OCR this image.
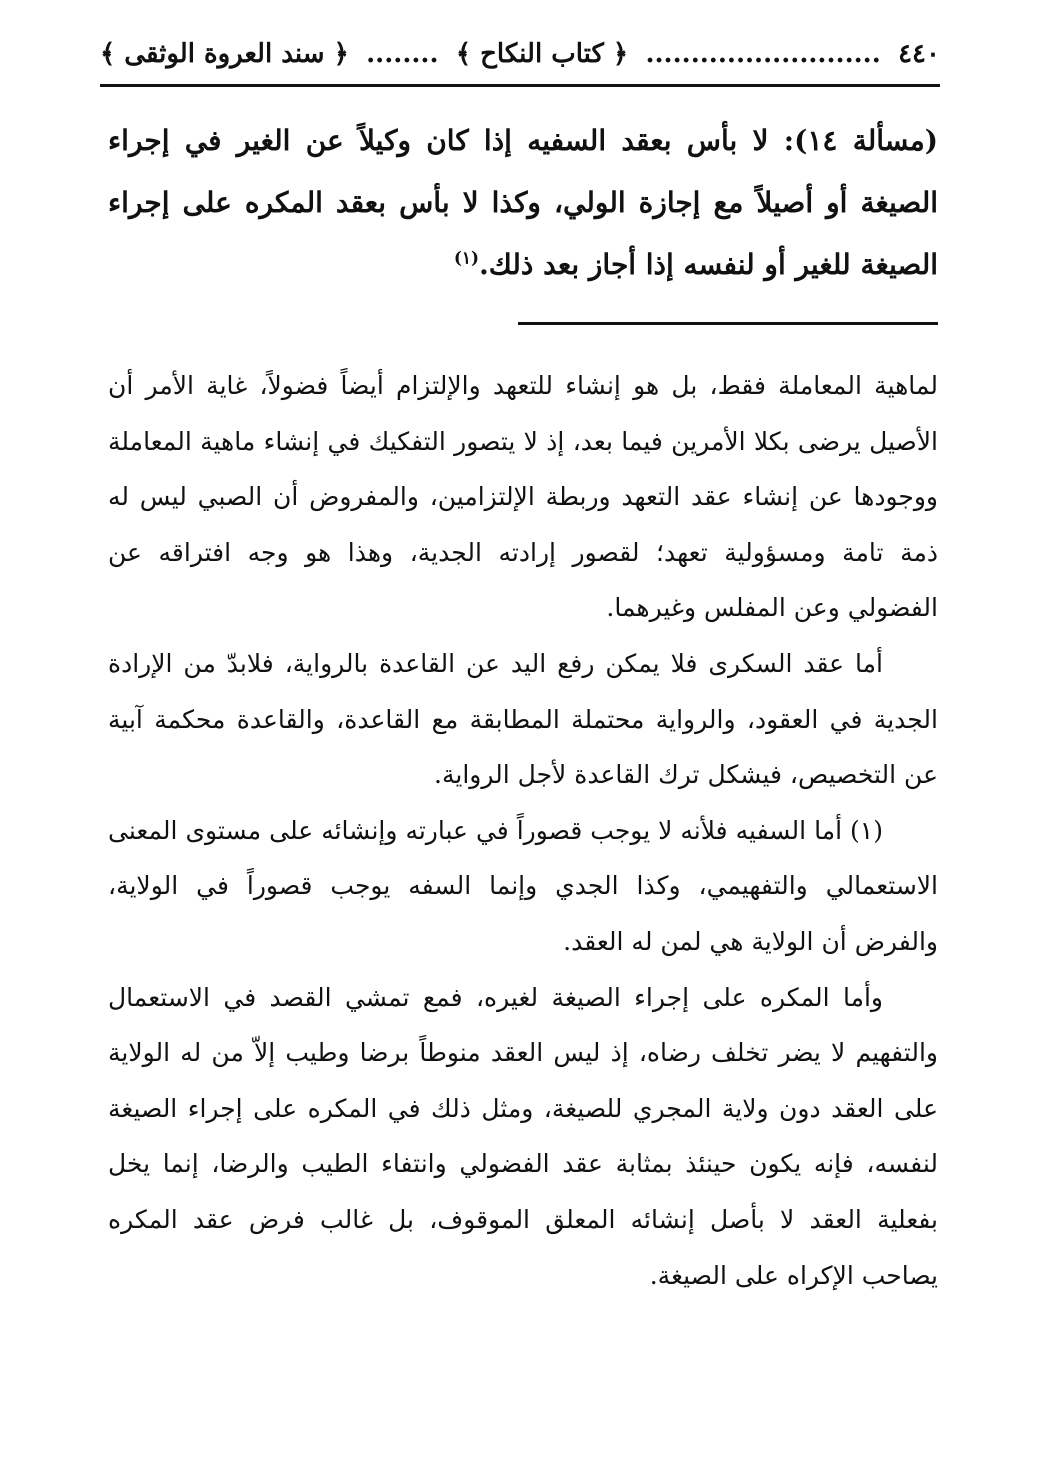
٤٤٠
..........................
﴿ كتاب النكاح ﴾
........
﴿ سند العروة الوثقى ﴾
(مسألة ١٤): لا بأس بعقد السفيه إذا كان وكيلاً عن الغير في إجراء الصيغة أو أصيلاً مع إجازة الولي، وكذا لا بأس بعقد المكره على إجراء الصيغة للغير أو لنفسه إذا أجاز بعد ذلك.$^{(١)}$

لماهية المعاملة فقط، بل هو إنشاء للتعهد والإلتزام أيضاً فضولاً، غاية الأمر أن الأصيل يرضى بكلا الأمرين فيما بعد، إذ لا يتصور التفكيك في إنشاء ماهية المعاملة ووجودها عن إنشاء عقد التعهد وربطة الإلتزامين، والمفروض أن الصبي ليس له ذمة تامة ومسؤولية تعهد؛ لقصور إرادته الجدية، وهذا هو وجه افتراقه عن الفضولي وعن المفلس وغيرهما.

أما عقد السكرى فلا يمكن رفع اليد عن القاعدة بالرواية، فلابدّ من الإرادة الجدية في العقود، والرواية محتملة المطابقة مع القاعدة، والقاعدة محكمة آبية عن التخصيص، فيشكل ترك القاعدة لأجل الرواية.

(١) أما السفيه فلأنه لا يوجب قصوراً في عبارته وإنشائه على مستوى المعنى الاستعمالي والتفهيمي، وكذا الجدي وإنما السفه يوجب قصوراً في الولاية، والفرض أن الولاية هي لمن له العقد.

وأما المكره على إجراء الصيغة لغيره، فمع تمشي القصد في الاستعمال والتفهيم لا يضر تخلف رضاه، إذ ليس العقد منوطاً برضا وطيب إلاّ من له الولاية على العقد دون ولاية المجري للصيغة، ومثل ذلك في المكره على إجراء الصيغة لنفسه، فإنه يكون حينئذ بمثابة عقد الفضولي وانتفاء الطيب والرضا، إنما يخل بفعلية العقد لا بأصل إنشائه المعلق الموقوف، بل غالب فرض عقد المكره يصاحب الإكراه على الصيغة.
